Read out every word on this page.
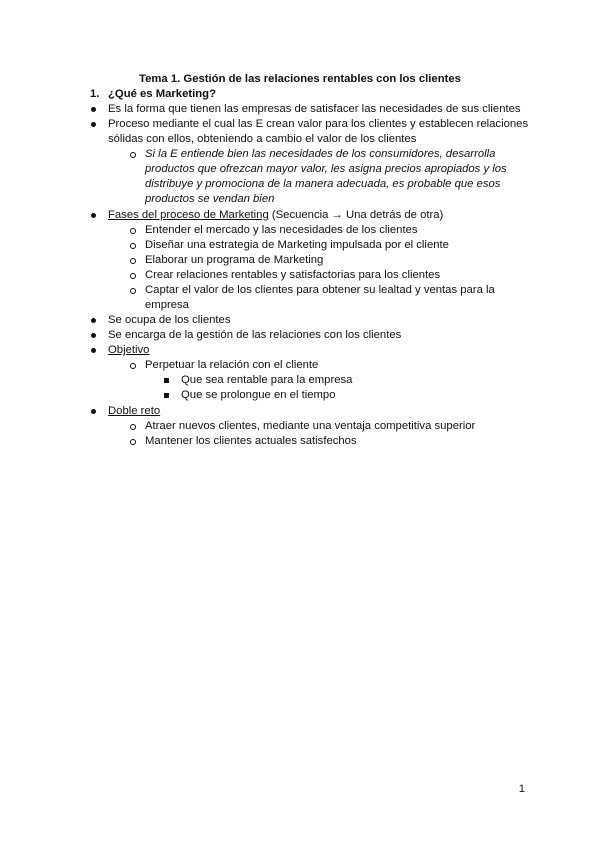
Tema 1. Gestión de las relaciones rentables con los clientes
1. ¿Qué es Marketing?
Es la forma que tienen las empresas de satisfacer las necesidades de sus clientes
Proceso mediante el cual las E crean valor para los clientes y establecen relaciones
sólidas con ellos, obteniendo a cambio el valor de los clientes
Si la E entiende bien las necesidades de los consumidores, desarrolla
productos que ofrezcan mayor valor, les asigna precios apropiados y los
distribuye y promociona de la manera adecuada, es probable que esos
productos se vendan bien
Fases del proceso de Marketing (Secuencia → Una detrás de otra)
Entender el mercado y las necesidades de los clientes
Diseñar una estrategia de Marketing impulsada por el cliente
Elaborar un programa de Marketing
Crear relaciones rentables y satisfactorias para los clientes
Captar el valor de los clientes para obtener su lealtad y ventas para la
empresa
Se ocupa de los clientes
Se encarga de la gestión de las relaciones con los clientes
Objetivo
Perpetuar la relación con el cliente
Que sea rentable para la empresa
Que se prolongue en el tiempo
Doble reto
Atraer nuevos clientes, mediante una ventaja competitiva superior
Mantener los clientes actuales satisfechos
1
